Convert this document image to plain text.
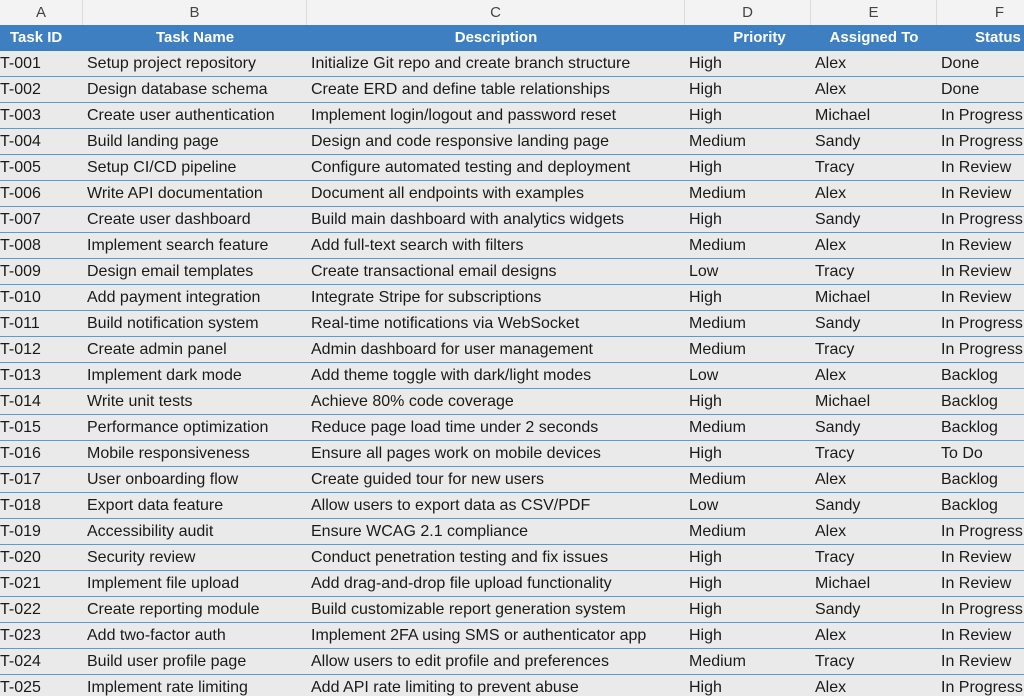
A	B	C	D	E	F
Task ID	Task Name	Description	Priority	Assigned To	Status
T-001	Setup project repository	Initialize Git repo and create branch structure	High	Alex	Done
T-002	Design database schema	Create ERD and define table relationships	High	Alex	Done
T-003	Create user authentication	Implement login/logout and password reset	High	Michael	In Progress
T-004	Build landing page	Design and code responsive landing page	Medium	Sandy	In Progress
T-005	Setup CI/CD pipeline	Configure automated testing and deployment	High	Tracy	In Review
T-006	Write API documentation	Document all endpoints with examples	Medium	Alex	In Review
T-007	Create user dashboard	Build main dashboard with analytics widgets	High	Sandy	In Progress
T-008	Implement search feature	Add full-text search with filters	Medium	Alex	In Review
T-009	Design email templates	Create transactional email designs	Low	Tracy	In Review
T-010	Add payment integration	Integrate Stripe for subscriptions	High	Michael	In Review
T-011	Build notification system	Real-time notifications via WebSocket	Medium	Sandy	In Progress
T-012	Create admin panel	Admin dashboard for user management	Medium	Tracy	In Progress
T-013	Implement dark mode	Add theme toggle with dark/light modes	Low	Alex	Backlog
T-014	Write unit tests	Achieve 80% code coverage	High	Michael	Backlog
T-015	Performance optimization	Reduce page load time under 2 seconds	Medium	Sandy	Backlog
T-016	Mobile responsiveness	Ensure all pages work on mobile devices	High	Tracy	To Do
T-017	User onboarding flow	Create guided tour for new users	Medium	Alex	Backlog
T-018	Export data feature	Allow users to export data as CSV/PDF	Low	Sandy	Backlog
T-019	Accessibility audit	Ensure WCAG 2.1 compliance	Medium	Alex	In Progress
T-020	Security review	Conduct penetration testing and fix issues	High	Tracy	In Review
T-021	Implement file upload	Add drag-and-drop file upload functionality	High	Michael	In Review
T-022	Create reporting module	Build customizable report generation system	High	Sandy	In Progress
T-023	Add two-factor auth	Implement 2FA using SMS or authenticator app	High	Alex	In Review
T-024	Build user profile page	Allow users to edit profile and preferences	Medium	Tracy	In Review
T-025	Implement rate limiting	Add API rate limiting to prevent abuse	High	Alex	In Progress
